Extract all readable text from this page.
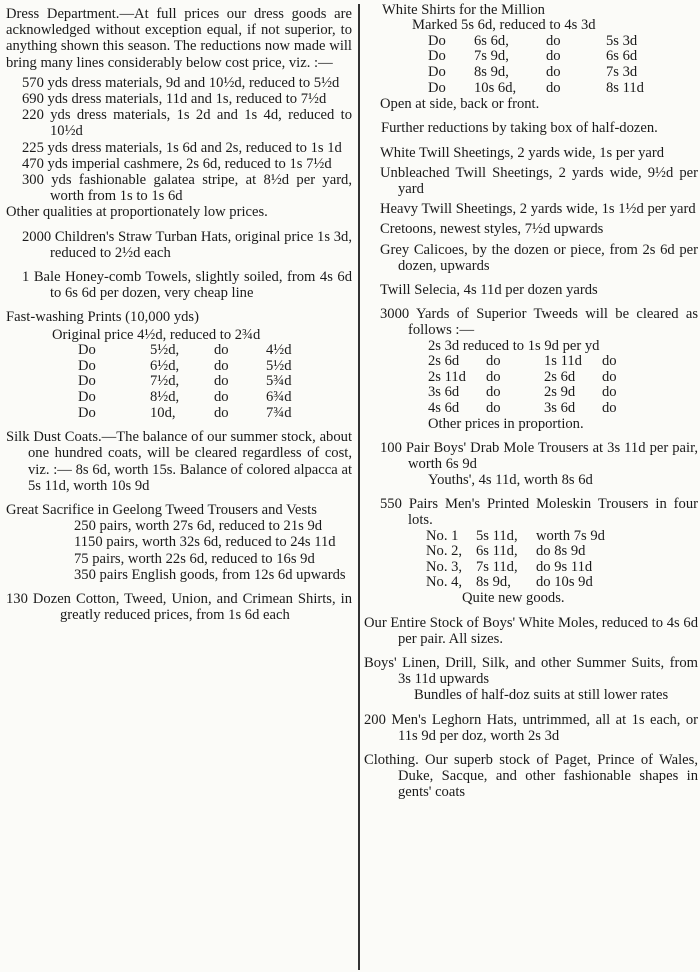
Dress Department.—At full prices our dress goods are acknowledged without exception equal, if not superior, to anything shown this season. The reductions now made will bring many lines considerably below cost price, viz. :—

570 yds dress materials, 9d and 10½d, reduced to 5½d

690 yds dress materials, 11d and 1s, reduced to 7½d

220 yds dress materials, 1s 2d and 1s 4d, reduced to 10½d

225 yds dress materials, 1s 6d and 2s, reduced to 1s 1d

470 yds imperial cashmere, 2s 6d, reduced to 1s 7½d

300 yds fashionable galatea stripe, at 8½d per yard, worth from 1s to 1s 6d

Other qualities at proportionately low prices.

2000 Children's Straw Turban Hats, original price 1s 3d, reduced to 2½d each

1 Bale Honey-comb Towels, slightly soiled, from 4s 6d to 6s 6d per dozen, very cheap line

Fast-washing Prints (10,000 yds)

Original price 4½d, reduced to 2¾d
Do	5½d,	do	4½d
Do	6½d,	do	5½d
Do	7½d,	do	5¾d
Do	8½d,	do	6¾d
Do	10d,	do	7¾d

Silk Dust Coats.—The balance of our summer stock, about one hundred coats, will be cleared regardless of cost, viz. :— 8s 6d, worth 15s. Balance of colored alpacca at 5s 11d, worth 10s 9d

Great Sacrifice in Geelong Tweed Trousers and Vests

250 pairs, worth 27s 6d, reduced to 21s 9d

1150 pairs, worth 32s 6d, reduced to 24s 11d

75 pairs, worth 22s 6d, reduced to 16s 9d

350 pairs English goods, from 12s 6d upwards

130 Dozen Cotton, Tweed, Union, and Crimean Shirts, in greatly reduced prices, from 1s 6d each

White Shirts for the Million

Marked 5s 6d, reduced to 4s 3d
Do	6s 6d,	do	5s 3d
Do	7s 9d,	do	6s 6d
Do	8s 9d,	do	7s 3d
Do	10s 6d,	do	8s 11d

Open at side, back or front.

Further reductions by taking box of half-dozen.

White Twill Sheetings, 2 yards wide, 1s per yard

Unbleached Twill Sheetings, 2 yards wide, 9½d per yard

Heavy Twill Sheetings, 2 yards wide, 1s 1½d per yard

Cretoons, newest styles, 7½d upwards

Grey Calicoes, by the dozen or piece, from 2s 6d per dozen, upwards

Twill Selecia, 4s 11d per dozen yards

3000 Yards of Superior Tweeds will be cleared as follows :—

2s 3d reduced to 1s 9d per yd
2s 6d	do	1s 11d	do
2s 11d	do	2s 6d	do
3s 6d	do	2s 9d	do
4s 6d	do	3s 6d	do
Other prices in proportion.

100 Pair Boys' Drab Mole Trousers at 3s 11d per pair, worth 6s 9d

Youths', 4s 11d, worth 8s 6d

550 Pairs Men's Printed Moleskin Trousers in four lots.

No. 1	5s 11d,	worth 7s 9d
No. 2,	6s 11d,	do 8s 9d
No. 3,	7s 11d,	do 9s 11d
No. 4,	8s 9d,	do 10s 9d
Quite new goods.

Our Entire Stock of Boys' White Moles, reduced to 4s 6d per pair. All sizes.

Boys' Linen, Drill, Silk, and other Summer Suits, from 3s 11d upwards

Bundles of half-doz suits at still lower rates

200 Men's Leghorn Hats, untrimmed, all at 1s each, or 11s 9d per doz, worth 2s 3d

Clothing. Our superb stock of Paget, Prince of Wales, Duke, Sacque, and other fashionable shapes in gents' coats
